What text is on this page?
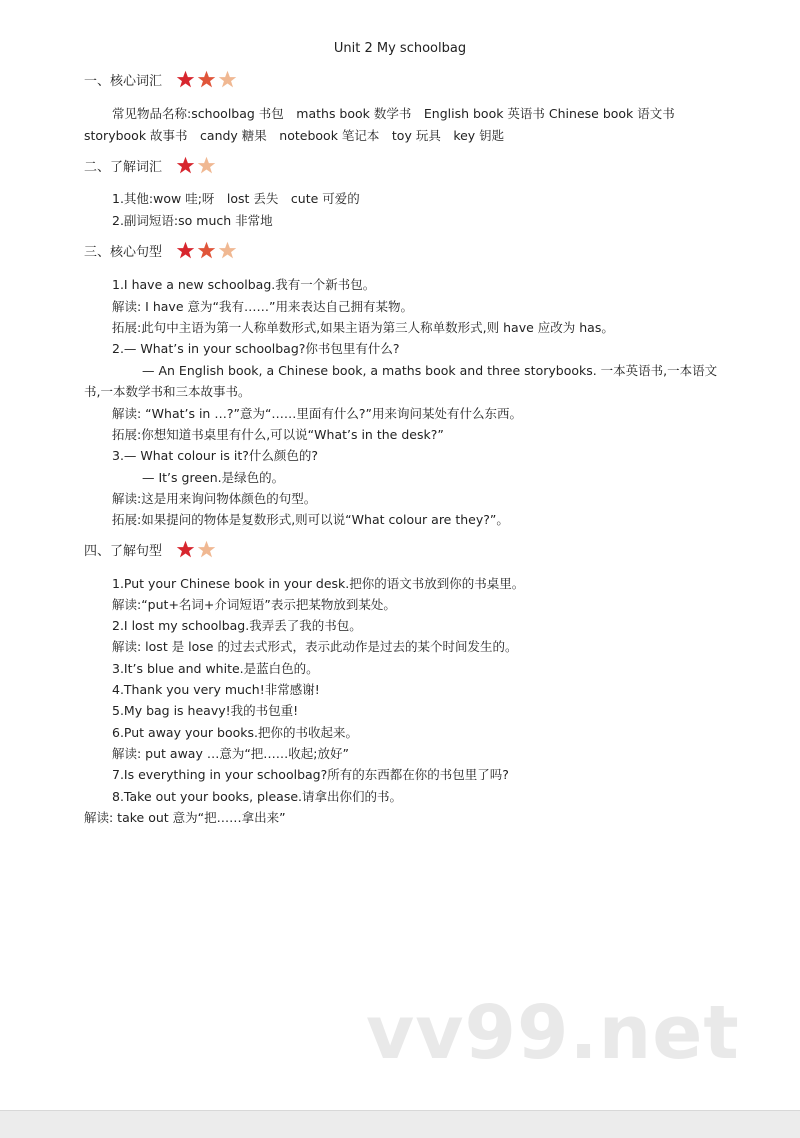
Unit 2 My schoolbag
一、核心词汇
常见物品名称:schoolbag 书包　maths book 数学书　English book 英语书 Chinese book 语文书
storybook 故事书　candy 糖果　notebook 笔记本　toy 玩具　key 钥匙
二、了解词汇
1.其他:wow 哇;呀　lost 丢失　cute 可爱的
2.副词短语:so much 非常地
三、核心句型
1.I have a new schoolbag.我有一个新书包。
解读: I have 意为“我有……”用来表达自己拥有某物。
拓展:此句中主语为第一人称单数形式,如果主语为第三人称单数形式,则 have 应改为 has。
2.— What’s in your schoolbag?你书包里有什么?
— An English book, a Chinese book, a maths book and three storybooks. 一本英语书,一本语文
书,一本数学书和三本故事书。
解读: “What’s in …?”意为“……里面有什么?”用来询问某处有什么东西。
拓展:你想知道书桌里有什么,可以说“What’s in the desk?”
3.— What colour is it?什么颜色的?
— It’s green.是绿色的。
解读:这是用来询问物体颜色的句型。
拓展:如果提问的物体是复数形式,则可以说“What colour are they?”。
四、了解句型
1.Put your Chinese book in your desk.把你的语文书放到你的书桌里。
解读:“put+名词+介词短语”表示把某物放到某处。
2.I lost my schoolbag.我弄丢了我的书包。
解读: lost 是 lose 的过去式形式，表示此动作是过去的某个时间发生的。
3.It’s blue and white.是蓝白色的。
4.Thank you very much!非常感谢!
5.My bag is heavy!我的书包重!
6.Put away your books.把你的书收起来。
解读: put away …意为“把……收起;放好”
7.Is everything in your schoolbag?所有的东西都在你的书包里了吗?
8.Take out your books, please.请拿出你们的书。
解读: take out 意为“把……拿出来”
vv99.net
